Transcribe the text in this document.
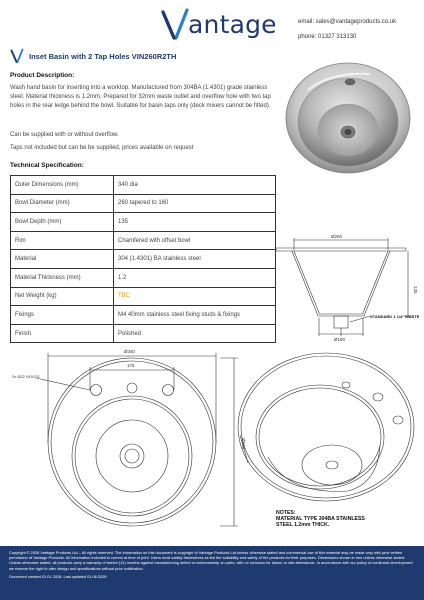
antage	email: sales@vantageproducts.co.uk
phone: 01327 313130
Inset Basin with 2 Tap Holes VIN260R2TH
Product Description:

Wash hand basin for inserting into a worktop. Manufactured from 304BA (1.4301) grade stainless steel. Material thickness is 1.2mm. Prepared for 32mm waste outlet and overflow hole with two tap holes in the rear ledge behind the bowl. Suitable for basin taps only (deck mixers cannot be fitted).

Can be supplied with or without overflow.

Taps not included but can be be supplied, prices available on request

Technical Specification:
Outer Dimensions (mm)	340 dia
Bowl Diameter (mm)	260 tapered to 160
Bowl Depth (mm)	135
Rim	Chamfered with offset bowl
Material	304 (1.4301) BA stainless steel
Material Thickness (mm)	1.2
Net Weight (kg)	TBC
Fixings	M4 40mm stainless steel fixing studs & fixings
Finish	Polished
Ø260
Ø160
135
STANDARD 1 1/4" WASTE
2x Ø22 HOLES
Ø340
175
Ø340
NOTES:
MATERIAL TYPE 304BA STAINLESS
STEEL 1.2mm THICK.

Copyright © 2026 Vantage Products Ltd – All rights reserved. The information on this document is copyright of Vantage Products Ltd unless otherwise stated and commercial use of this material may be made only with prior written permission of Vantage Products. All information included is correct at time of print. Users must satisfy themselves as the the suitability and safety of the products for their purposes. Dimensions shown in mm unless otherwise stated. Unless otherwise stated, all products carry a warranty of twelve (12) months against manufacturing defect or workmanship on parts, with no inclusion for labour or site attendance. In accordance with our policy of continued development we reserve the right to alter design and specifications without prior notification.

Document created 01.01.2026. Last updated 01.06.2026
